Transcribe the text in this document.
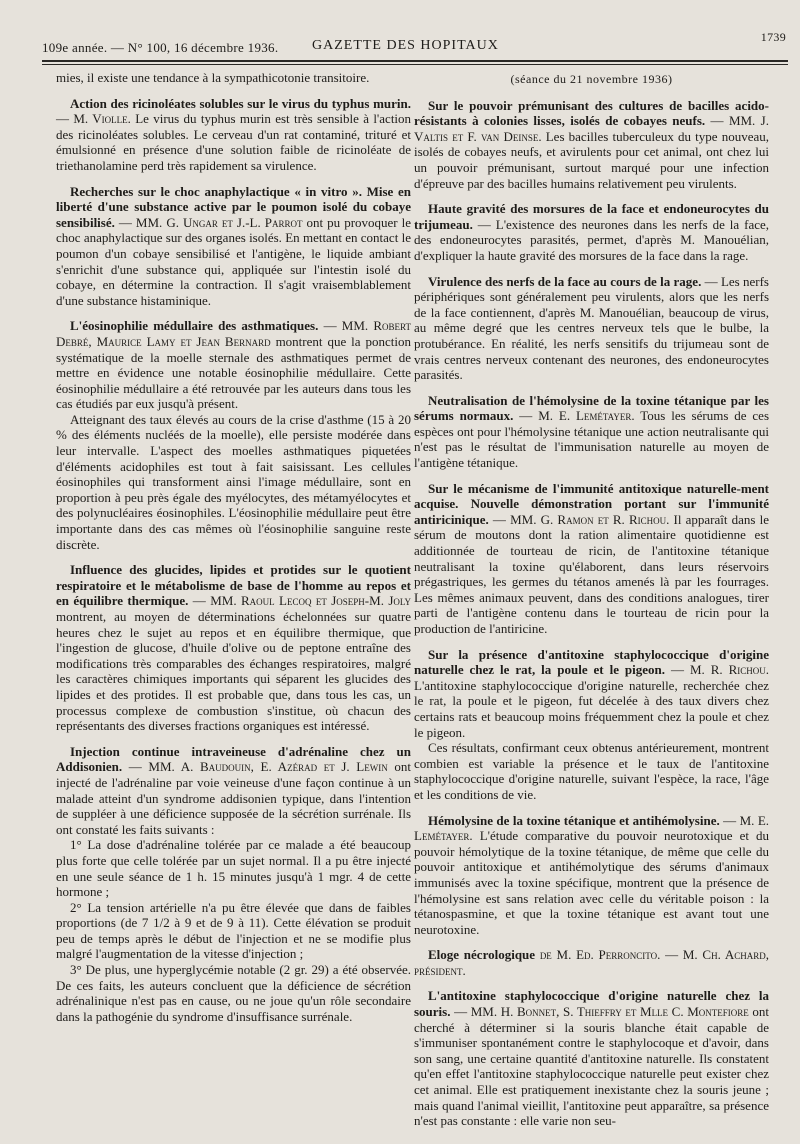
109e année. — N° 100, 16 décembre 1936. GAZETTE DES HOPITAUX
1739

mies, il existe une tendance à la sympathicotonie transitoire.

Action des ricinoléates solubles sur le virus du typhus murin. — M. Violle. Le virus du typhus murin est très sensible à l'action des ricinoléates solubles. Le cerveau d'un rat contaminé, trituré et émulsionné en présence d'une solution faible de ricinoléate de triethanolamine perd très rapidement sa virulence.

Recherches sur le choc anaphylactique « in vitro ». Mise en liberté d'une substance active par le poumon isolé du cobaye sensibilisé. — MM. G. Ungar et J.-L. Parrot ont pu provoquer le choc anaphylactique sur des organes isolés. En mettant en contact le poumon d'un cobaye sensibilisé et l'antigène, le liquide ambiant s'enrichit d'une substance qui, appliquée sur l'intestin isolé du cobaye, en détermine la contraction. Il s'agit vraisemblablement d'une substance histaminique.

L'éosinophilie médullaire des asthmatiques. — MM. Robert Debré, Maurice Lamy et Jean Bernard montrent que la ponction systématique de la moelle sternale des asthmatiques permet de mettre en évidence une notable éosinophilie médullaire. Cette éosinophilie médullaire a été retrouvée par les auteurs dans tous les cas étudiés par eux jusqu'à présent.

Atteignant des taux élevés au cours de la crise d'asthme (15 à 20 % des éléments nucléés de la moelle), elle persiste modérée dans leur intervalle. L'aspect des moelles asthmatiques piquetées d'éléments acidophiles est tout à fait saisissant. Les cellules éosinophiles qui transforment ainsi l'image médullaire, sont en proportion à peu près égale des myélocytes, des métamyélocytes et des polynucléaires éosinophiles. L'éosinophilie médullaire peut être importante dans des cas mêmes où l'éosinophilie sanguine reste discrète.

Influence des glucides, lipides et protides sur le quotient respiratoire et le métabolisme de base de l'homme au repos et en équilibre thermique. — MM. Raoul Lecoq et Joseph-M. Joly montrent, au moyen de déterminations échelonnées sur quatre heures chez le sujet au repos et en équilibre thermique, que l'ingestion de glucose, d'huile d'olive ou de peptone entraîne des modifications très comparables des échanges respiratoires, malgré les caractères chimiques importants qui séparent les glucides des lipides et des protides. Il est probable que, dans tous les cas, un processus complexe de combustion s'institue, où chacun des représentants des diverses fractions organiques est intéressé.

Injection continue intraveineuse d'adrénaline chez un Addisonien. — MM. A. Baudouin, E. Azérad et J. Lewin ont injecté de l'adrénaline par voie veineuse d'une façon continue à un malade atteint d'un syndrome addisonien typique, dans l'intention de suppléer à une déficience supposée de la sécrétion surrénale. Ils ont constaté les faits suivants :

1° La dose d'adrénaline tolérée par ce malade a été beaucoup plus forte que celle tolérée par un sujet normal. Il a pu être injecté en une seule séance de 1 h. 15 minutes jusqu'à 1 mgr. 4 de cette hormone ;

2° La tension artérielle n'a pu être élevée que dans de faibles proportions (de 7 1/2 à 9 et de 9 à 11). Cette élévation se produit peu de temps après le début de l'injection et ne se modifie plus malgré l'augmentation de la vitesse d'injection ;

3° De plus, une hyperglycémie notable (2 gr. 29) a été observée. De ces faits, les auteurs concluent que la déficience de sécrétion adrénalinique n'est pas en cause, ou ne joue qu'un rôle secondaire dans la pathogénie du syndrome d'insuffisance surrénale.

(séance du 21 novembre 1936)

Sur le pouvoir prémunisant des cultures de bacilles acido-résistants à colonies lisses, isolés de cobayes neufs. — MM. J. Valtis et F. van Deinse. Les bacilles tuberculeux du type nouveau, isolés de cobayes neufs, et avirulents pour cet animal, ont chez lui un pouvoir prémunisant, surtout marqué pour une infection d'épreuve par des bacilles humains relativement peu virulents.

Haute gravité des morsures de la face et endoneurocytes du trijumeau. — L'existence des neurones dans les nerfs de la face, des endoneurocytes parasités, permet, d'après M. Manouélian, d'expliquer la haute gravité des morsures de la face dans la rage.

Virulence des nerfs de la face au cours de la rage. — Les nerfs périphériques sont généralement peu virulents, alors que les nerfs de la face contiennent, d'après M. Manouélian, beaucoup de virus, au même degré que les centres nerveux tels que le bulbe, la protubérance. En réalité, les nerfs sensitifs du trijumeau sont de vrais centres nerveux contenant des neurones, des endoneurocytes parasités.

Neutralisation de l'hémolysine de la toxine tétanique par les sérums normaux. — M. E. Lemétayer. Tous les sérums de ces espèces ont pour l'hémolysine tétanique une action neutralisante qui n'est pas le résultat de l'immunisation naturelle au moyen de l'antigène tétanique.

Sur le mécanisme de l'immunité antitoxique naturelle-ment acquise. Nouvelle démonstration portant sur l'immunité antiricinique. — MM. G. Ramon et R. Richou. Il apparaît dans le sérum de moutons dont la ration alimentaire quotidienne est additionnée de tourteau de ricin, de l'antitoxine tétanique neutralisant la toxine qu'élaborent, dans leurs réservoirs prégastriques, les germes du tétanos amenés là par les fourrages. Les mêmes animaux peuvent, dans des conditions analogues, tirer parti de l'antigène contenu dans le tourteau de ricin pour la production de l'antiricine.

Sur la présence d'antitoxine staphylococcique d'origine naturelle chez le rat, la poule et le pigeon. — M. R. Richou. L'antitoxine staphylococcique d'origine naturelle, recherchée chez le rat, la poule et le pigeon, fut décelée à des taux divers chez certains rats et beaucoup moins fréquemment chez la poule et chez le pigeon.

Ces résultats, confirmant ceux obtenus antérieurement, montrent combien est variable la présence et le taux de l'antitoxine staphylococcique d'origine naturelle, suivant l'espèce, la race, l'âge et les conditions de vie.

Hémolysine de la toxine tétanique et antihémolysine. — M. E. Lemétayer. L'étude comparative du pouvoir neurotoxique et du pouvoir hémolytique de la toxine tétanique, de même que celle du pouvoir antitoxique et antihémolytique des sérums d'animaux immunisés avec la toxine spécifique, montrent que la présence de l'hémolysine est sans relation avec celle du véritable poison : la tétanospasmine, et que la toxine tétanique est avant tout une neurotoxine.

Eloge nécrologique de M. Ed. Perroncito. — M. Ch. Achard, président.

L'antitoxine staphylococcique d'origine naturelle chez la souris. — MM. H. Bonnet, S. Thieffry et Mlle C. Montefiore ont cherché à déterminer si la souris blanche était capable de s'immuniser spontanément contre le staphylocoque et d'avoir, dans son sang, une certaine quantité d'antitoxine naturelle. Ils constatent qu'en effet l'antitoxine staphylococcique naturelle peut exister chez cet animal. Elle est pratiquement inexistante chez la souris jeune ; mais quand l'animal vieillit, l'antitoxine peut apparaître, sa présence n'est pas constante : elle varie non seu-
